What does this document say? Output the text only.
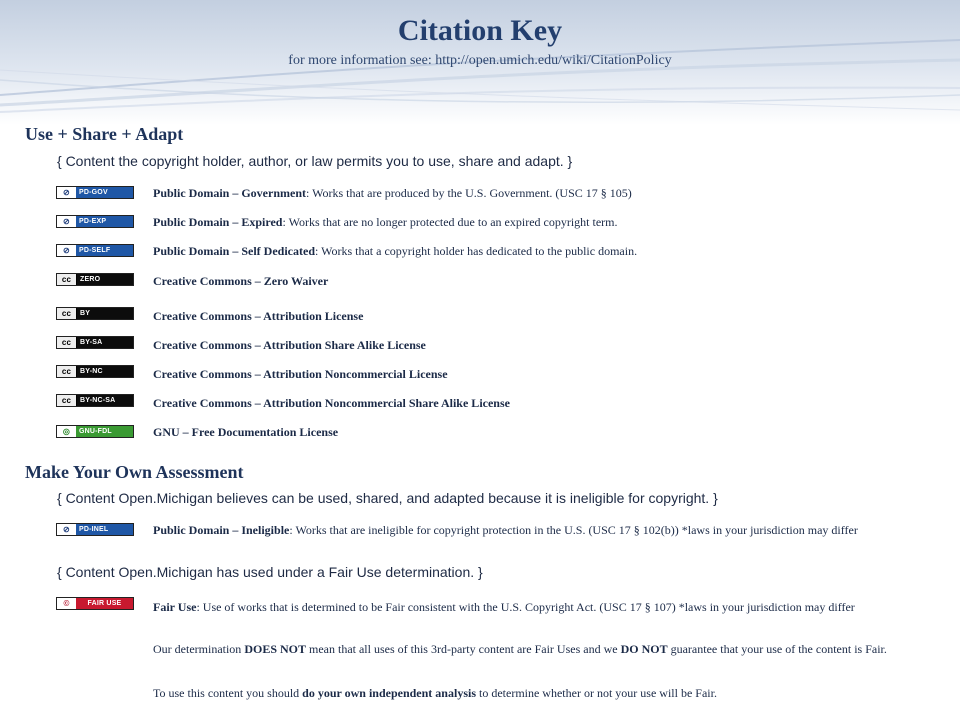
Citation Key
for more information see: http://open.umich.edu/wiki/CitationPolicy
Use + Share + Adapt
{ Content the copyright holder, author, or law permits you to use, share and adapt. }
⊘	PD-GOV	Public Domain – Government: Works that are produced by the U.S. Government. (USC 17 § 105)
⊘	PD-EXP	Public Domain – Expired: Works that are no longer protected due to an expired copyright term.
⊘	PD-SELF	Public Domain – Self Dedicated: Works that a copyright holder has dedicated to the public domain.
cc	ZERO	Creative Commons – Zero Waiver
cc	BY	Creative Commons – Attribution License
cc	BY-SA	Creative Commons – Attribution Share Alike License
cc	BY-NC	Creative Commons – Attribution Noncommercial License
cc	BY-NC-SA	Creative Commons – Attribution Noncommercial Share Alike License
◎	GNU-FDL	GNU – Free Documentation License
Make Your Own Assessment
{ Content Open.Michigan believes can be used, shared, and adapted because it is ineligible for copyright. }
⊘	PD-INEL	Public Domain – Ineligible: Works that are ineligible for copyright protection in the U.S. (USC 17 § 102(b)) *laws in your jurisdiction may differ
{ Content Open.Michigan has used under a Fair Use determination. }
©	FAIR USE	Fair Use: Use of works that is determined to be Fair consistent with the U.S. Copyright Act. (USC 17 § 107) *laws in your jurisdiction may differ
Our determination DOES NOT mean that all uses of this 3rd-party content are Fair Uses and we DO NOT guarantee that your use of the content is Fair.
To use this content you should do your own independent analysis to determine whether or not your use will be Fair.
